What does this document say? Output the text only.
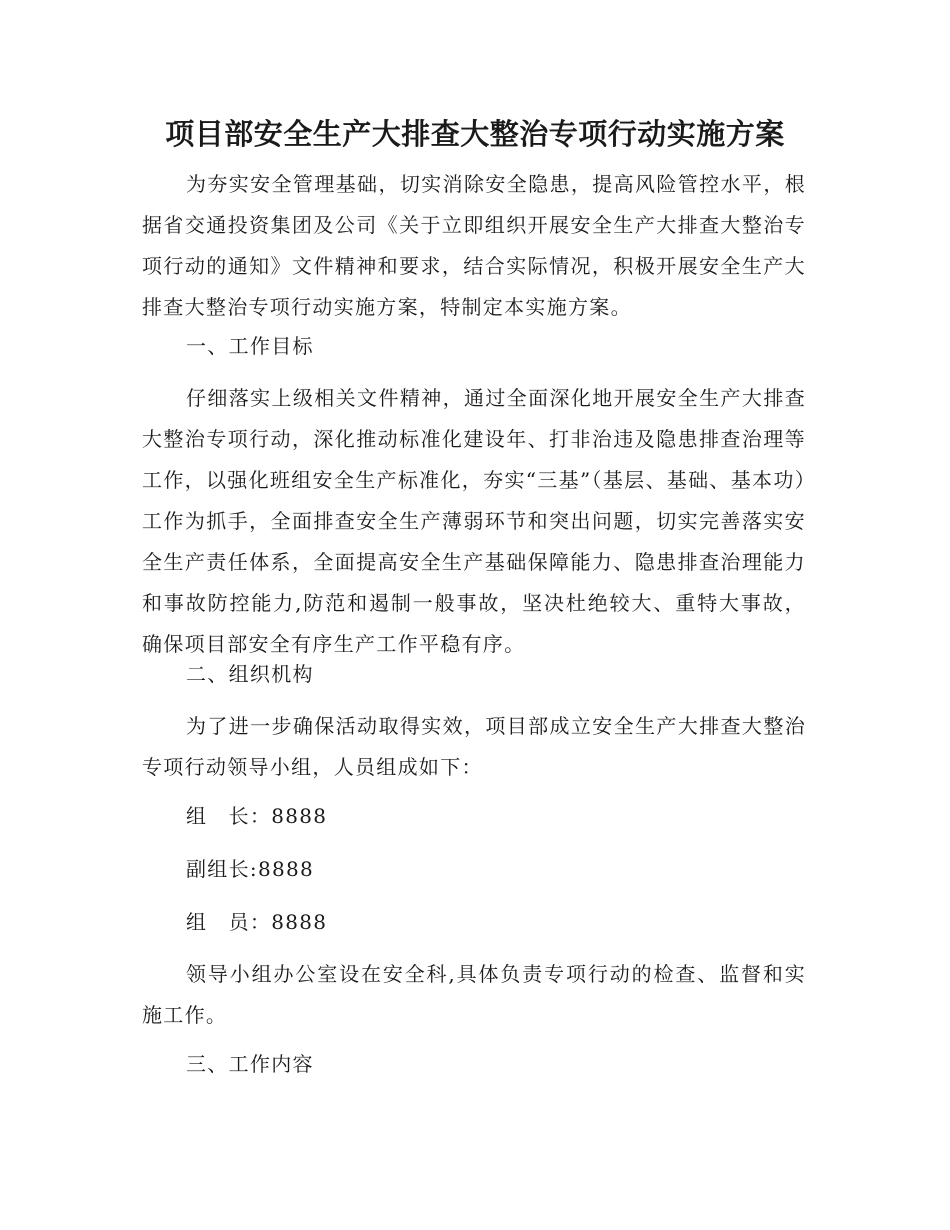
项目部安全生产大排查大整治专项行动实施方案

为夯实安全管理基础，切实消除安全隐患，提高风险管控水平，根据省交通投资集团及公司《关于立即组织开展安全生产大排查大整治专项行动的通知》文件精神和要求，结合实际情况，积极开展安全生产大排查大整治专项行动实施方案，特制定本实施方案。

一、工作目标

仔细落实上级相关文件精神，通过全面深化地开展安全生产大排查大整治专项行动，深化推动标准化建设年、打非治违及隐患排查治理等工作，以强化班组安全生产标准化，夯实“三基”（基层、基础、基本功）工作为抓手，全面排查安全生产薄弱环节和突出问题，切实完善落实安全生产责任体系，全面提高安全生产基础保障能力、隐患排查治理能力和事故防控能力,防范和遏制一般事故，坚决杜绝较大、重特大事故，确保项目部安全有序生产工作平稳有序。

二、组织机构

为了进一步确保活动取得实效，项目部成立安全生产大排查大整治专项行动领导小组，人员组成如下：

组　长：8888

副组长:8888

组　员：8888

领导小组办公室设在安全科,具体负责专项行动的检查、监督和实施工作。

三、工作内容
